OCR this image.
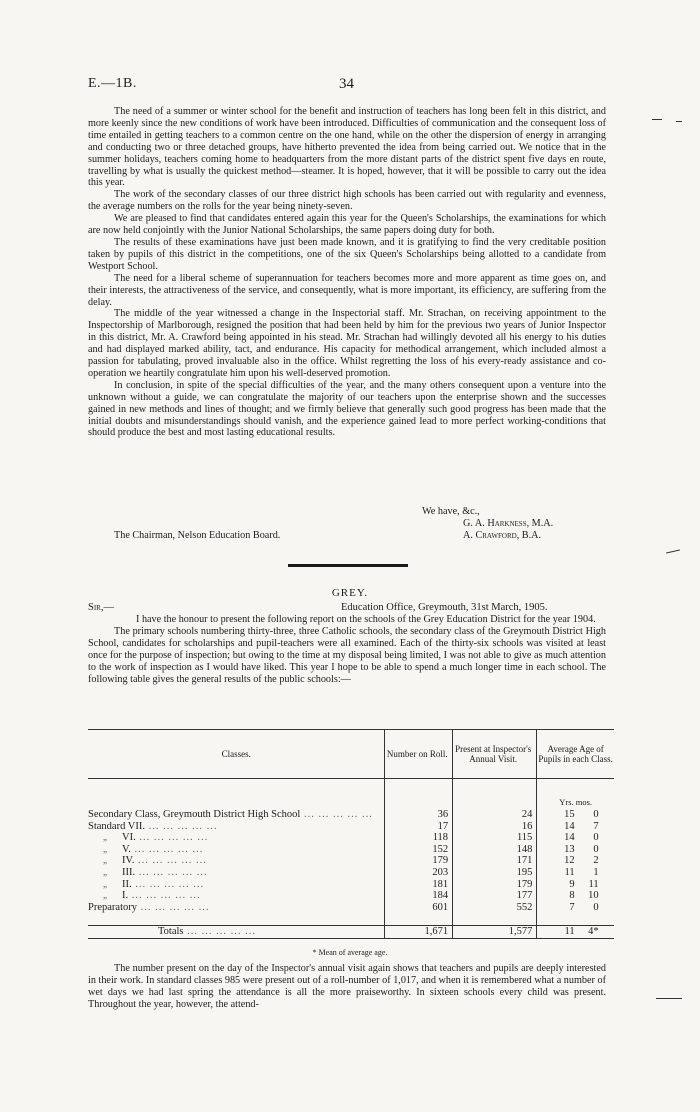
E.—1B.	34

The need of a summer or winter school for the benefit and instruction of teachers has long been felt in this district, and more keenly since the new conditions of work have been introduced. Difficulties of communication and the consequent loss of time entailed in getting teachers to a common centre on the one hand, while on the other the dispersion of energy in arranging and conducting two or three detached groups, have hitherto prevented the idea from being carried out. We notice that in the summer holidays, teachers coming home to headquarters from the more distant parts of the district spent five days en route, travelling by what is usually the quickest method—steamer. It is hoped, however, that it will be possible to carry out the idea this year.

The work of the secondary classes of our three district high schools has been carried out with regularity and evenness, the average numbers on the rolls for the year being ninety-seven.

We are pleased to find that candidates entered again this year for the Queen's Scholarships, the examinations for which are now held conjointly with the Junior National Scholarships, the same papers doing duty for both.

The results of these examinations have just been made known, and it is gratifying to find the very creditable position taken by pupils of this district in the competitions, one of the six Queen's Scholarships being allotted to a candidate from Westport School.

The need for a liberal scheme of superannuation for teachers becomes more and more apparent as time goes on, and their interests, the attractiveness of the service, and consequently, what is more important, its efficiency, are suffering from the delay.

The middle of the year witnessed a change in the Inspectorial staff. Mr. Strachan, on receiving appointment to the Inspectorship of Marlborough, resigned the position that had been held by him for the previous two years of Junior Inspector in this district, Mr. A. Crawford being appointed in his stead. Mr. Strachan had willingly devoted all his energy to his duties and had displayed marked ability, tact, and endurance. His capacity for methodical arrangement, which included almost a passion for tabulating, proved invaluable also in the office. Whilst regretting the loss of his every-ready assistance and co-operation we heartily congratulate him upon his well-deserved promotion.

In conclusion, in spite of the special difficulties of the year, and the many others consequent upon a venture into the unknown without a guide, we can congratulate the majority of our teachers upon the enterprise shown and the successes gained in new methods and lines of thought; and we firmly believe that generally such good progress has been made that the initial doubts and misunderstandings should vanish, and the experience gained lead to more perfect working-conditions that should produce the best and most lasting educational results.

We have, &c.,
G. A. Harkness, M.A.
The Chairman, Nelson Education Board.	A. Crawford, B.A.
GREY.
Sir,—	Education Office, Greymouth, 31st March, 1905.

I have the honour to present the following report on the schools of the Grey Education District for the year 1904.

The primary schools numbering thirty-three, three Catholic schools, the secondary class of the Greymouth District High School, candidates for scholarships and pupil-teachers were all examined. Each of the thirty-six schools was visited at least once for the purpose of inspection; but owing to the time at my disposal being limited, I was not able to give as much attention to the work of inspection as I would have liked. This year I hope to be able to spend a much longer time in each school. The following table gives the general results of the public schools:—

Classes.	Number on Roll.	Present at Inspector's Annual Visit.	Average Age of Pupils in each Class.
			Yrs. mos.
Secondary Class, Greymouth District High School ... ... ... ... ...	36	24	15 0
Standard VII. ... ... ... ... ...	17	16	14 7
„ VI. ... ... ... ... ...	118	115	14 0
„ V. ... ... ... ... ...	152	148	13 0
„ IV. ... ... ... ... ...	179	171	12 2
„ III. ... ... ... ... ...	203	195	11 1
„ II. ... ... ... ... ...	181	179	9 11
„ I. ... ... ... ... ...	184	177	8 10
Preparatory ... ... ... ... ...	601	552	7 0

Totals ... ... ... ... ...	1,671	1,577	11 4*
* Mean of average age.

The number present on the day of the Inspector's annual visit again shows that teachers and pupils are deeply interested in their work. In standard classes 985 were present out of a roll-number of 1,017, and when it is remembered what a number of wet days we had last spring the attendance is all the more praiseworthy. In sixteen schools every child was present. Throughout the year, however, the attend-
